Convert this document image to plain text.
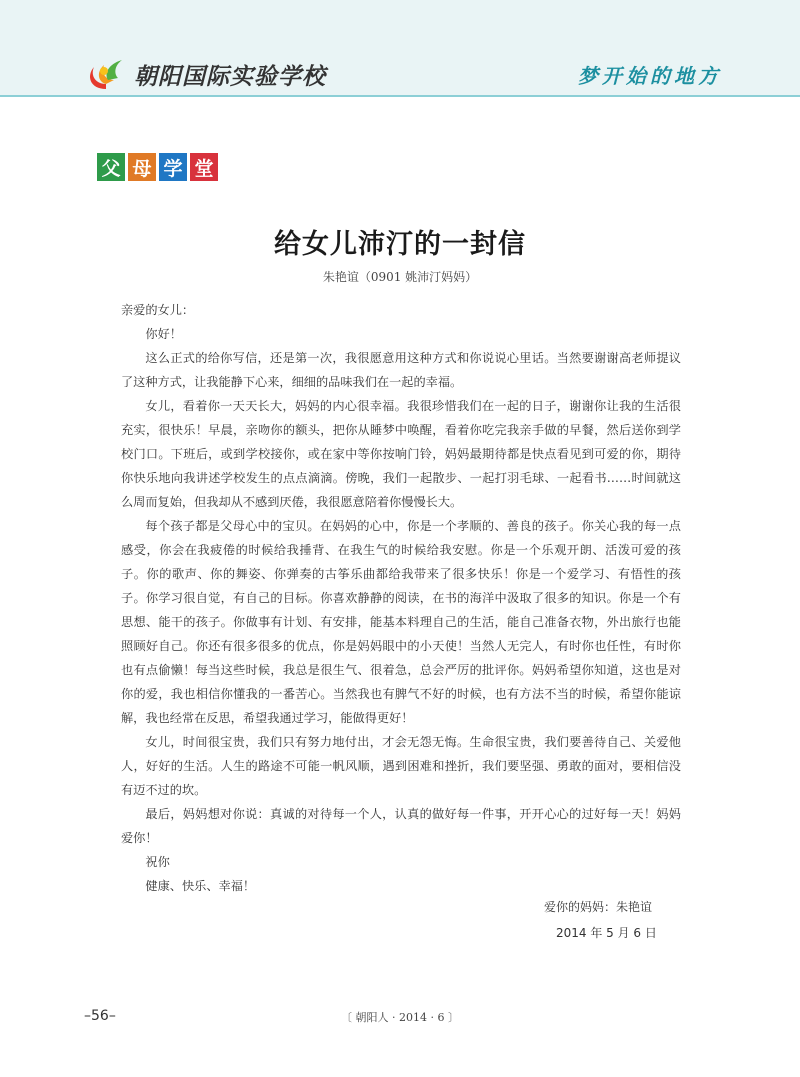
朝阳国际实验学校	梦开始的地方
父 母 学 堂
给女儿沛汀的一封信
朱艳谊（0901 姚沛汀妈妈）

亲爱的女儿：

你好！

这么正式的给你写信，还是第一次，我很愿意用这种方式和你说说心里话。当然要谢谢高老师提议了这种方式，让我能静下心来，细细的品味我们在一起的幸福。

女儿，看着你一天天长大，妈妈的内心很幸福。我很珍惜我们在一起的日子，谢谢你让我的生活很充实，很快乐！早晨，亲吻你的额头，把你从睡梦中唤醒，看着你吃完我亲手做的早餐，然后送你到学校门口。下班后，或到学校接你，或在家中等你按响门铃，妈妈最期待都是快点看见到可爱的你，期待你快乐地向我讲述学校发生的点点滴滴。傍晚，我们一起散步、一起打羽毛球、一起看书……时间就这么周而复始，但我却从不感到厌倦，我很愿意陪着你慢慢长大。

每个孩子都是父母心中的宝贝。在妈妈的心中，你是一个孝顺的、善良的孩子。你关心我的每一点感受，你会在我疲倦的时候给我捶背、在我生气的时候给我安慰。你是一个乐观开朗、活泼可爱的孩子。你的歌声、你的舞姿、你弹奏的古筝乐曲都给我带来了很多快乐！你是一个爱学习、有悟性的孩子。你学习很自觉，有自己的目标。你喜欢静静的阅读，在书的海洋中汲取了很多的知识。你是一个有思想、能干的孩子。你做事有计划、有安排，能基本料理自己的生活，能自己准备衣物，外出旅行也能照顾好自己。你还有很多很多的优点，你是妈妈眼中的小天使！当然人无完人，有时你也任性，有时你也有点偷懒！每当这些时候，我总是很生气、很着急，总会严厉的批评你。妈妈希望你知道，这也是对你的爱，我也相信你懂我的一番苦心。当然我也有脾气不好的时候，也有方法不当的时候，希望你能谅解，我也经常在反思，希望我通过学习，能做得更好！

女儿，时间很宝贵，我们只有努力地付出，才会无怨无悔。生命很宝贵，我们要善待自己、关爱他人，好好的生活。人生的路途不可能一帆风顺，遇到困难和挫折，我们要坚强、勇敢的面对，要相信没有迈不过的坎。

最后，妈妈想对你说：真诚的对待每一个人，认真的做好每一件事，开开心心的过好每一天！妈妈爱你！

祝你

健康、快乐、幸福！

爱你的妈妈：朱艳谊
2014 年 5 月 6 日
–56–	〔 朝阳人 · 2014 · 6 〕
